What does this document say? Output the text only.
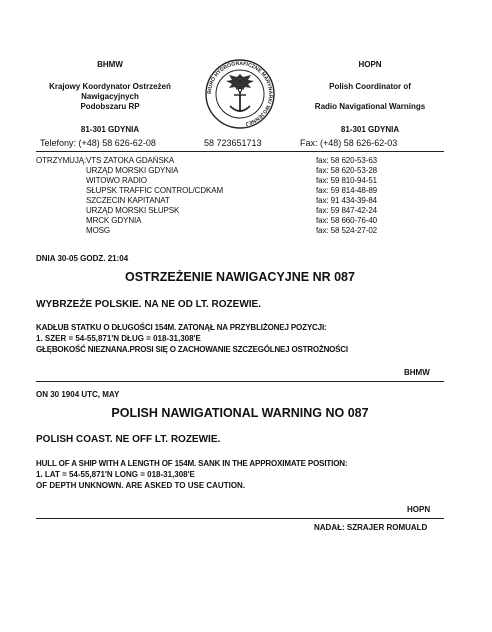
BHMW
Krajowy Koordynator Ostrzeżeń
Nawigacyjnych
Podobszaru RP
81-301 GDYNIA
Telefony: (+48) 58 626-62-08
BIURO HYDROGRAFICZNE MARYNARKI WOJENNEJ
58 723651713
HOPN
Polish Coordinator of
Radio Navigational Warnings
81-301 GDYNIA
Fax: (+48) 58 626-62-03
OTRZYMUJĄ: VTS ZATOKA GDAŃSKA	fax: 58 620-53-63
URZĄD MORSKI GDYNIA	fax: 58 620-53-28
WITOWO RADIO	fax: 59 810-94-51
SŁUPSK TRAFFIC CONTROL/CDKAM	fax: 59 814-48-89
SZCZECIN KAPITANAT	fax: 91 434-39-84
URZĄD MORSKI SŁUPSK	fax: 59 847-42-24
MRCK GDYNIA	fax: 58 660-76-40
MOSG	fax: 58 524-27-02
DNIA 30-05 GODZ. 21:04
OSTRZEŻENIE NAWIGACYJNE NR 087
WYBRZEŻE POLSKIE. NA NE OD LT. ROZEWIE.
KADŁUB STATKU O DŁUGOŚCI 154M. ZATONĄŁ NA PRZYBLIŻONEJ POZYCJI:
1. SZER = 54-55,871'N DŁUG = 018-31,308'E
GŁĘBOKOŚĆ NIEZNANA.PROSI SIĘ O ZACHOWANIE SZCZEGÓLNEJ OSTROŻNOŚCI
BHMW
ON 30 1904 UTC, MAY
POLISH NAWIGATIONAL WARNING NO 087
POLISH COAST. NE OFF LT. ROZEWIE.
HULL OF A SHIP WITH A LENGTH OF 154M. SANK IN THE APPROXIMATE POSITION:
1. LAT = 54-55,871'N LONG = 018-31,308'E
OF DEPTH UNKNOWN. ARE ASKED TO USE CAUTION.
HOPN
NADAŁ: SZRAJER ROMUALD
